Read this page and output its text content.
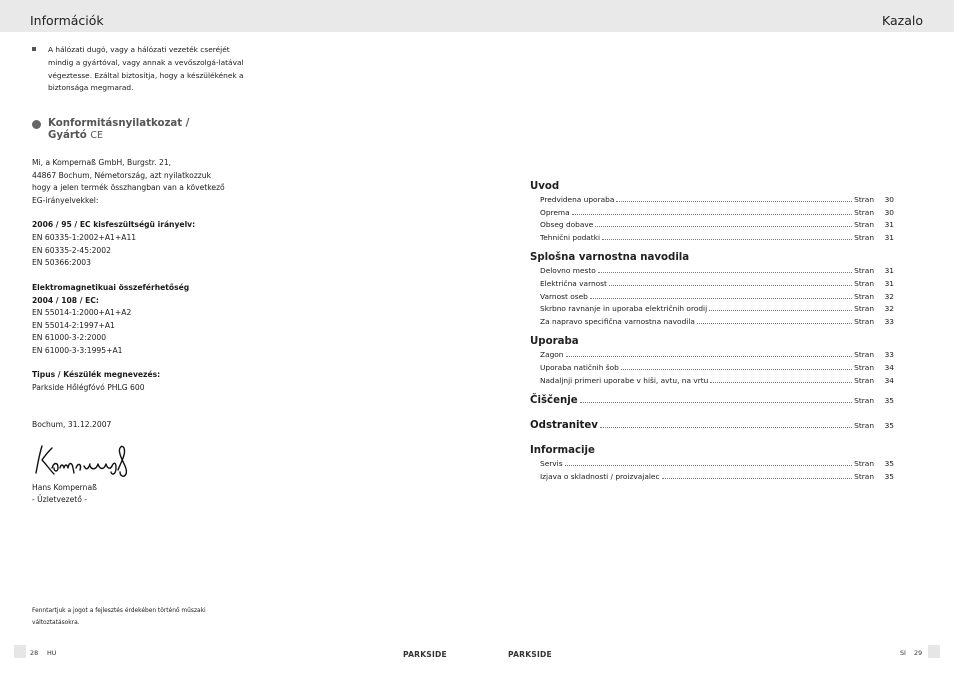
Információk	Kazalo
A hálózati dugó, vagy a hálózati vezeték cseréjét mindig a gyártóval, vagy annak a vevőszolgá-latával végeztesse. Ezáltal biztosítja, hogy a készülékének a biztonsága megmarad.
Konformitásnyilatkozat /
Gyártó CE
Mi, a Kompernaß GmbH, Burgstr. 21,
44867 Bochum, Németország, azt nyilatkozzuk
hogy a jelen termék összhangban van a következő
EG-irányelvekkel:
2006 / 95 / EC kisfeszültségü irányelv:
EN 60335-1:2002+A1+A11
EN 60335-2-45:2002
EN 50366:2003
Elektromagnetikuai összeférhetőség
2004 / 108 / EC:
EN 55014-1:2000+A1+A2
EN 55014-2:1997+A1
EN 61000-3-2:2000
EN 61000-3-3:1995+A1
Tipus / Készülék megnevezés:
Parkside Hőlégfóvó PHLG 600
Bochum, 31.12.2007
Hans Kompernaß
- Üzletvezető -
Fenntartjuk a jogot a fejlesztés érdekében történő műszaki
változtatásokra.
Uvod
Predvidena uporaba	Stran	30
Oprema	Stran	30
Obseg dobave	Stran	31
Tehnični podatki	Stran	31
Splošna varnostna navodila
Delovno mesto	Stran	31
Električna varnost	Stran	31
Varnost oseb	Stran	32
Skrbno ravnanje in uporaba električnih orodij	Stran	32
Za napravo specifična varnostna navodila	Stran	33
Uporaba
Zagon	Stran	33
Uporaba natičnih šob	Stran	34
Nadaljnji primeri uporabe v hiši, avtu, na vrtu	Stran	34
Čiščenje	Stran	35
Odstranitev	Stran	35
Informacije
Servis	Stran	35
Izjava o skladnosti / proizvajalec	Stran	35
28 HU	PARKSIDE	PARKSIDE	SI 29
